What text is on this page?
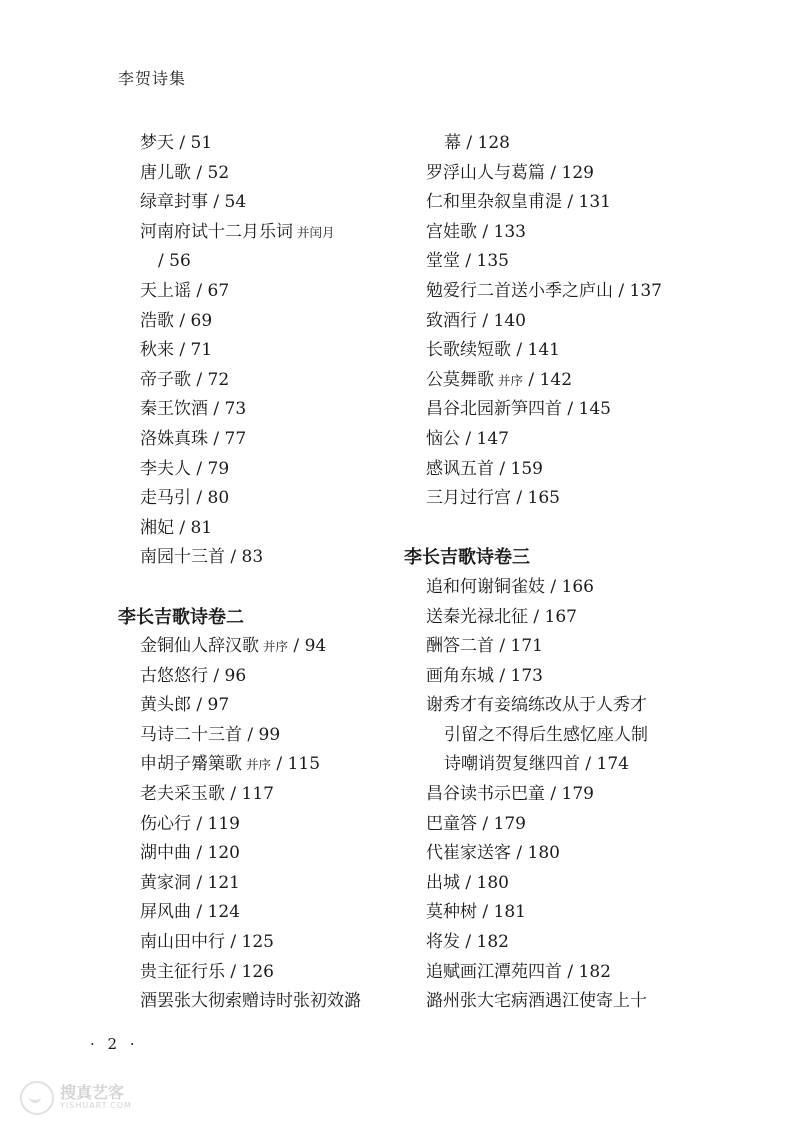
李贺诗集
梦天 / 51
唐儿歌 / 52
绿章封事 / 54
河南府试十二月乐词 并闰月
/ 56
天上谣 / 67
浩歌 / 69
秋来 / 71
帝子歌 / 72
秦王饮酒 / 73
洛姝真珠 / 77
李夫人 / 79
走马引 / 80
湘妃 / 81
南园十三首 / 83
李长吉歌诗卷二
金铜仙人辞汉歌 并序 / 94
古悠悠行 / 96
黄头郎 / 97
马诗二十三首 / 99
申胡子觱篥歌 并序 / 115
老夫采玉歌 / 117
伤心行 / 119
湖中曲 / 120
黄家洞 / 121
屏风曲 / 124
南山田中行 / 125
贵主征行乐 / 126
酒罢张大彻索赠诗时张初效潞
幕 / 128
罗浮山人与葛篇 / 129
仁和里杂叙皇甫湜 / 131
宫娃歌 / 133
堂堂 / 135
勉爱行二首送小季之庐山 / 137
致酒行 / 140
长歌续短歌 / 141
公莫舞歌 并序 / 142
昌谷北园新笋四首 / 145
恼公 / 147
感讽五首 / 159
三月过行宫 / 165
李长吉歌诗卷三
追和何谢铜雀妓 / 166
送秦光禄北征 / 167
酬答二首 / 171
画角东城 / 173
谢秀才有妾缟练改从于人秀才
引留之不得后生感忆座人制
诗嘲诮贺复继四首 / 174
昌谷读书示巴童 / 179
巴童答 / 179
代崔家送客 / 180
出城 / 180
莫种树 / 181
将发 / 182
追赋画江潭苑四首 / 182
潞州张大宅病酒遇江使寄上十
· 2 ·
搜真艺客
YISHUART.COM
